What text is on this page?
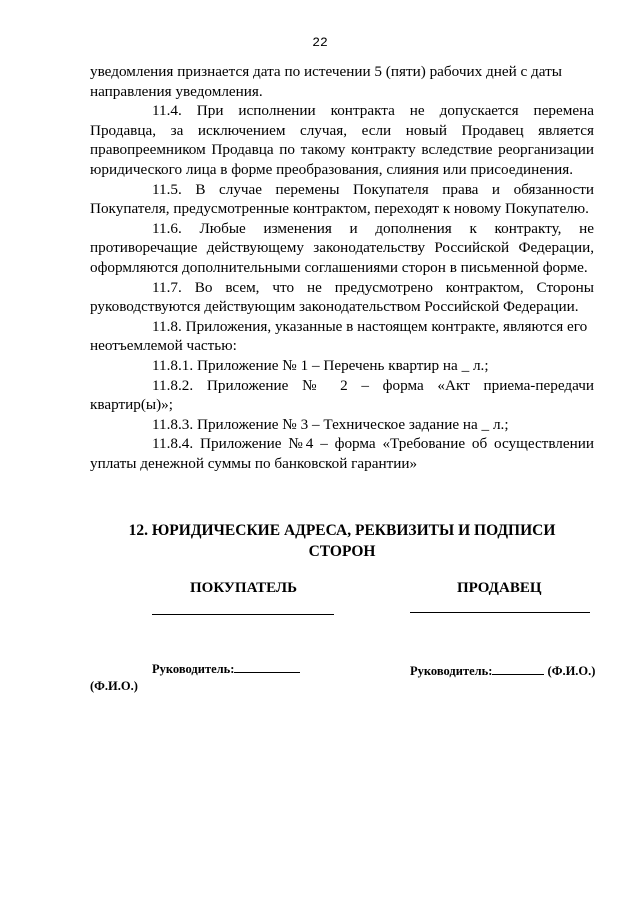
22

уведомления признается дата по истечении 5 (пяти) рабочих дней с даты
направления уведомления.

11.4. При исполнении контракта не допускается перемена Продавца, за исключением случая, если новый Продавец является правопреемником Продавца по такому контракту вследствие реорганизации юридического лица в форме преобразования, слияния или присоединения.

11.5. В случае перемены Покупателя права и обязанности Покупателя, предусмотренные контрактом, переходят к новому Покупателю.

11.6. Любые изменения и дополнения к контракту, не противоречащие действующему законодательству Российской Федерации, оформляются дополнительными соглашениями сторон в письменной форме.

11.7. Во всем, что не предусмотрено контрактом, Стороны руководствуются действующим законодательством Российской Федерации.

11.8. Приложения, указанные в настоящем контракте, являются его
неотъемлемой частью:

11.8.1. Приложение № 1 – Перечень квартир на _ л.;

11.8.2. Приложение № 2 – форма «Акт приема-передачи квартир(ы)»;

11.8.3. Приложение № 3 – Техническое задание на _ л.;

11.8.4. Приложение №4 – форма «Требование об осуществлении уплаты денежной суммы по банковской гарантии»

12. ЮРИДИЧЕСКИЕ АДРЕСА, РЕКВИЗИТЫ И ПОДПИСИ
СТОРОН
ПОКУПАТЕЛЬ	ПРОДАВЕЦ
Руководитель:
(Ф.И.О.)
Руководитель:	(Ф.И.О.)
